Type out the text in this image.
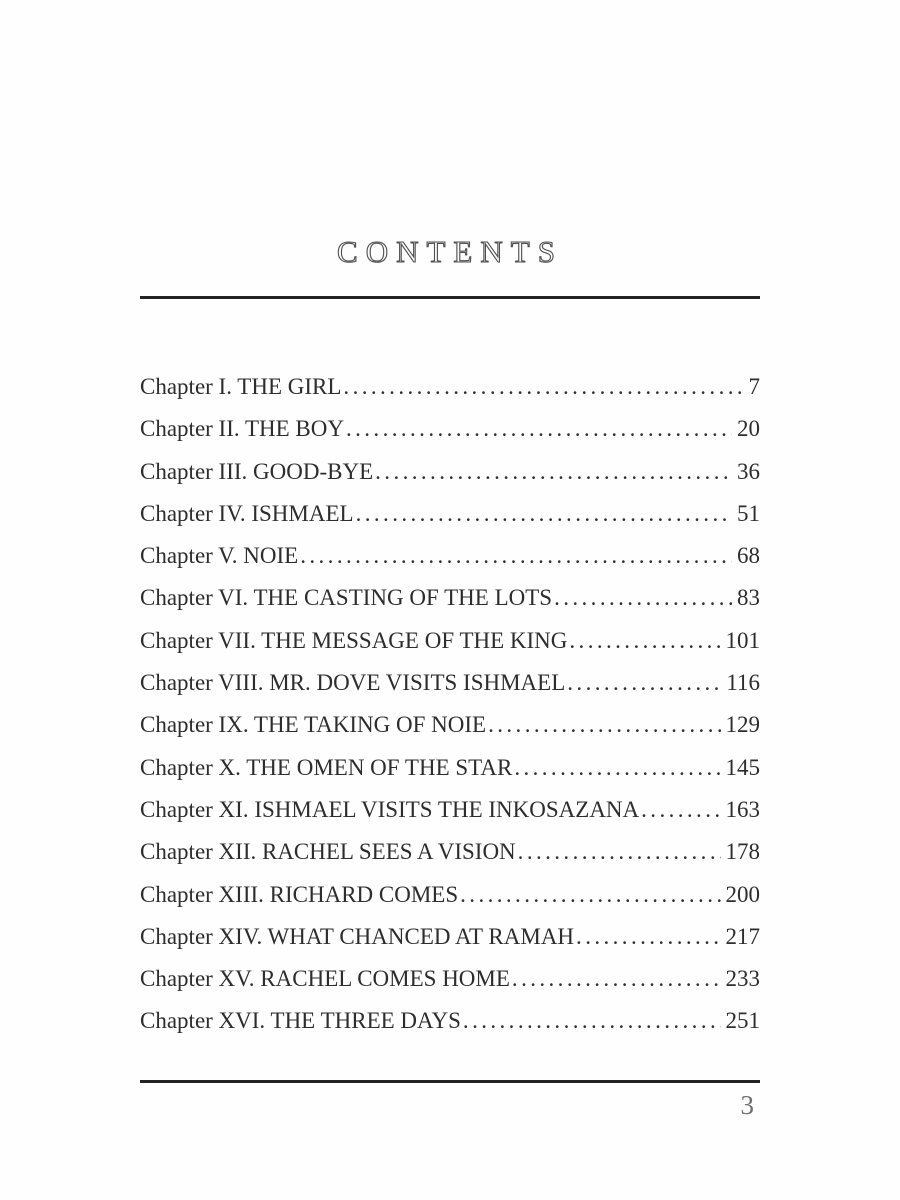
CONTENTS
Chapter I. THE GIRL .....	7
Chapter II. THE BOY .....	20
Chapter III. GOOD-BYE .....	36
Chapter IV. ISHMAEL .....	51
Chapter V. NOIE .....	68
Chapter VI. THE CASTING OF THE LOTS .....	83
Chapter VII. THE MESSAGE OF THE KING .....	101
Chapter VIII. MR. DOVE VISITS ISHMAEL .....	116
Chapter IX. THE TAKING OF NOIE .....	129
Chapter X. THE OMEN OF THE STAR .....	145
Chapter XI. ISHMAEL VISITS THE INKOSAZANA .....	163
Chapter XII. RACHEL SEES A VISION .....	178
Chapter XIII. RICHARD COMES .....	200
Chapter XIV. WHAT CHANCED AT RAMAH .....	217
Chapter XV. RACHEL COMES HOME .....	233
Chapter XVI. THE THREE DAYS .....	251
3
